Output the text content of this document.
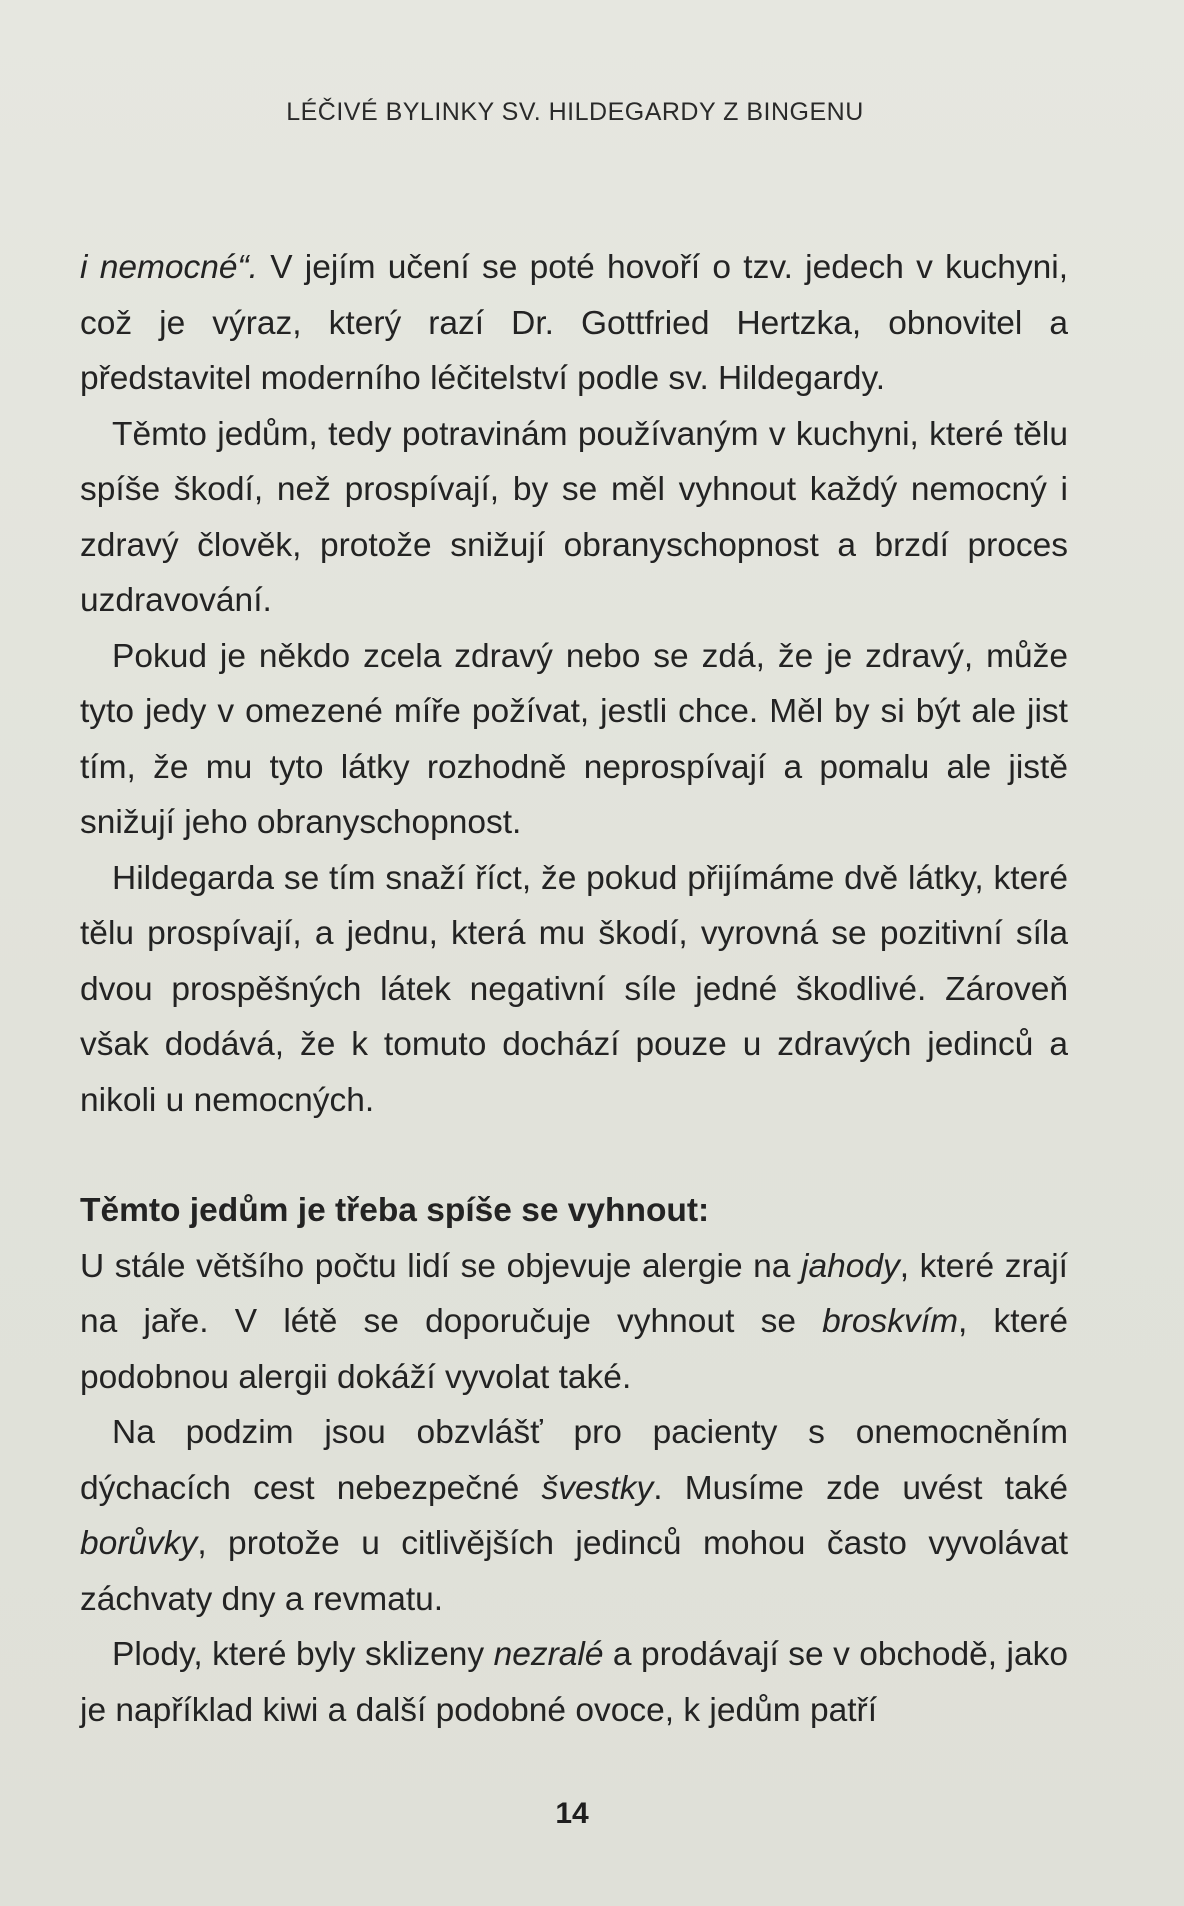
LÉČIVÉ BYLINKY SV. HILDEGARDY Z BINGENU

i nemocné“. V jejím učení se poté hovoří o tzv. jedech v kuchyni, což je výraz, který razí Dr. Gottfried Hertzka, obnovitel a představitel moderního léčitelství podle sv. Hildegardy.

Těmto jedům, tedy potravinám používaným v kuchyni, které tělu spíše škodí, než prospívají, by se měl vyhnout každý nemocný i zdravý člověk, protože snižují obranyschopnost a brzdí proces uzdravování.

Pokud je někdo zcela zdravý nebo se zdá, že je zdravý, může tyto jedy v omezené míře požívat, jestli chce. Měl by si být ale jist tím, že mu tyto látky rozhodně neprospívají a pomalu ale jistě snižují jeho obranyschopnost.

Hildegarda se tím snaží říct, že pokud přijímáme dvě látky, které tělu prospívají, a jednu, která mu škodí, vyrovná se pozitivní síla dvou prospěšných látek negativní síle jedné škodlivé. Zároveň však dodává, že k tomuto dochází pouze u zdravých jedinců a nikoli u nemocných.

Těmto jedům je třeba spíše se vyhnout:

U stále většího počtu lidí se objevuje alergie na jahody, které zrají na jaře. V létě se doporučuje vyhnout se broskvím, které podobnou alergii dokáží vyvolat také.

Na podzim jsou obzvlášť pro pacienty s onemocněním dýchacích cest nebezpečné švestky. Musíme zde uvést také borůvky, protože u citlivějších jedinců mohou často vyvolávat záchvaty dny a revmatu.

Plody, které byly sklizeny nezralé a prodávají se v obchodě, jako je například kiwi a další podobné ovoce, k jedům patří

14
